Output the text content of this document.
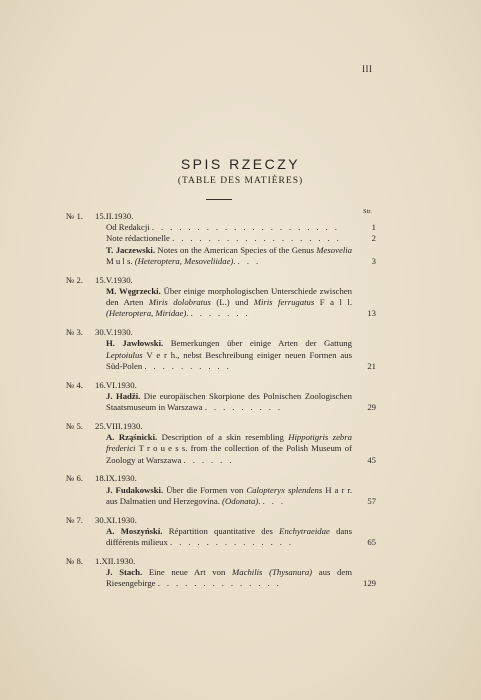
III
SPIS RZECZY
(TABLE DES MATIÈRES)
Str.
№ 1. 15.II.1930.
Od Redakcji . . . . . . . . . . . . . . . . . . . . .	1
Note rédactionelle . . . . . . . . . . . . . . . . . . .	2
T. Jaczewski. Notes on the American Species of the Genus Mesovelia M u l s. (Heteroptera, Mesoveliidae). . . .	3
№ 2. 15.V.1930.
M. Węgrzecki. Über einige morphologischen Unterschiede zwischen den Arten Miris dolobratus (L.) und Miris ferrugatus F a l l. (Heteroptera, Miridae). . . . . . . .	13
№ 3. 30.V.1930.
H. Jawłowski. Bemerkungen über einige Arten der Gattung Leptoiulus V e r h., nebst Beschreibung einiger neuen Formen aus Süd-Polen . . . . . . . . . .	21
№ 4. 16.VI.1930.
J. Hadži. Die europäischen Skorpione des Polnischen Zoologischen Staatsmuseum in Warszawa . . . . . . . . .	29
№ 5. 25.VIII.1930.
A. Rząśnicki. Description of a skin resembling Hippotigris zebra frederici T r o u e s s. from the collection of the Polish Museum of Zoology at Warszawa . . . . . .	45
№ 6. 18.IX.1930.
J. Fudakowski. Über die Formen von Calopteryx splendens H a r r. aus Dalmatien und Herzegovina. (Odonata). . . .	57
№ 7. 30.XI.1930.
A. Moszyński. Répartition quantitative des Enchytraeidae dans différents milieux . . . . . . . . . . . . . .	65
№ 8. 1.XII.1930.
J. Stach. Eine neue Art von Machilis (Thysanura) aus dem Riesengebirge . . . . . . . . . . . . . .	129
